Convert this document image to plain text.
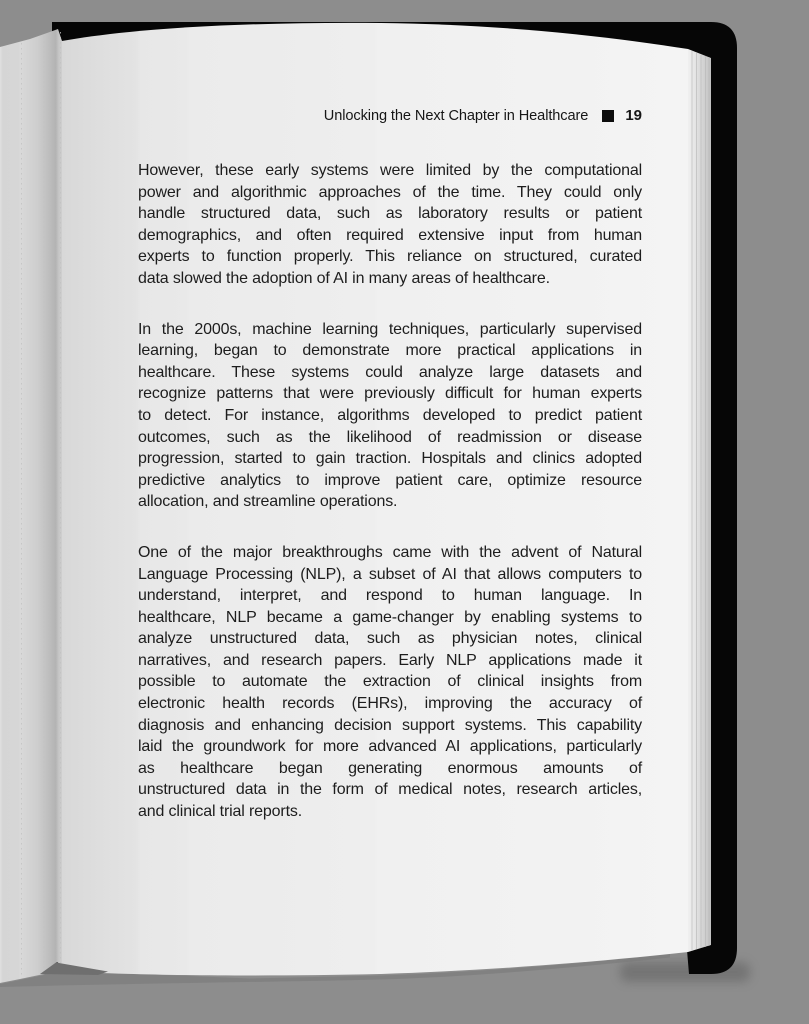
Unlocking the Next Chapter in Healthcare 19
However, these early systems were limited by the computational
power and algorithmic approaches of the time. They could only
handle structured data, such as laboratory results or patient
demographics, and often required extensive input from human
experts to function properly. This reliance on structured, curated
data slowed the adoption of AI in many areas of healthcare.
In the 2000s, machine learning techniques, particularly supervised
learning, began to demonstrate more practical applications in
healthcare. These systems could analyze large datasets and
recognize patterns that were previously difficult for human experts
to detect. For instance, algorithms developed to predict patient
outcomes, such as the likelihood of readmission or disease
progression, started to gain traction. Hospitals and clinics adopted
predictive analytics to improve patient care, optimize resource
allocation, and streamline operations.
One of the major breakthroughs came with the advent of Natural
Language Processing (NLP), a subset of AI that allows computers to
understand, interpret, and respond to human language. In
healthcare, NLP became a game-changer by enabling systems to
analyze unstructured data, such as physician notes, clinical
narratives, and research papers. Early NLP applications made it
possible to automate the extraction of clinical insights from
electronic health records (EHRs), improving the accuracy of
diagnosis and enhancing decision support systems. This capability
laid the groundwork for more advanced AI applications, particularly
as healthcare began generating enormous amounts of
unstructured data in the form of medical notes, research articles,
and clinical trial reports.
